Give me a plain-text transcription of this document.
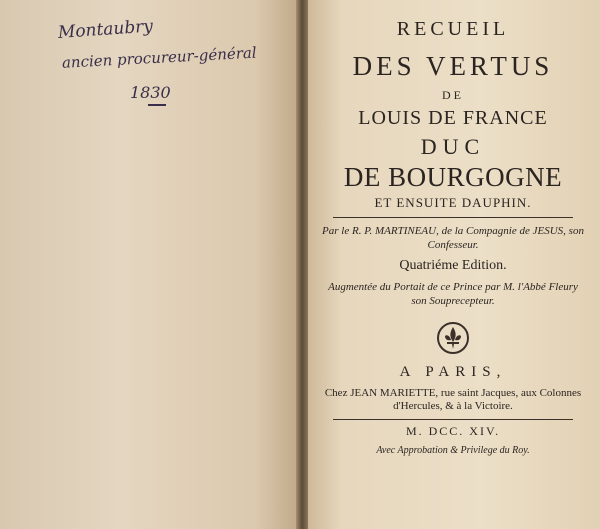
Montaubry
ancien procureur-général
1830
RECUEIL
DES VERTUS
DE
LOUIS DE FRANCE
DUC
DE BOURGOGNE
ET ENSUITE DAUPHIN.
Par le R. P. MARTINEAU, de la Compagnie de JESUS, son Confesseur.
Quatriéme Edition.
Augmentée du Portait de ce Prince par M. l'Abbé Fleury son Souprecepteur.
A PARIS,
Chez JEAN MARIETTE, rue saint Jacques, aux Colonnes d'Hercules, & à la Victoire.
M. DCC. XIV.
Avec Approbation & Privilege du Roy.
